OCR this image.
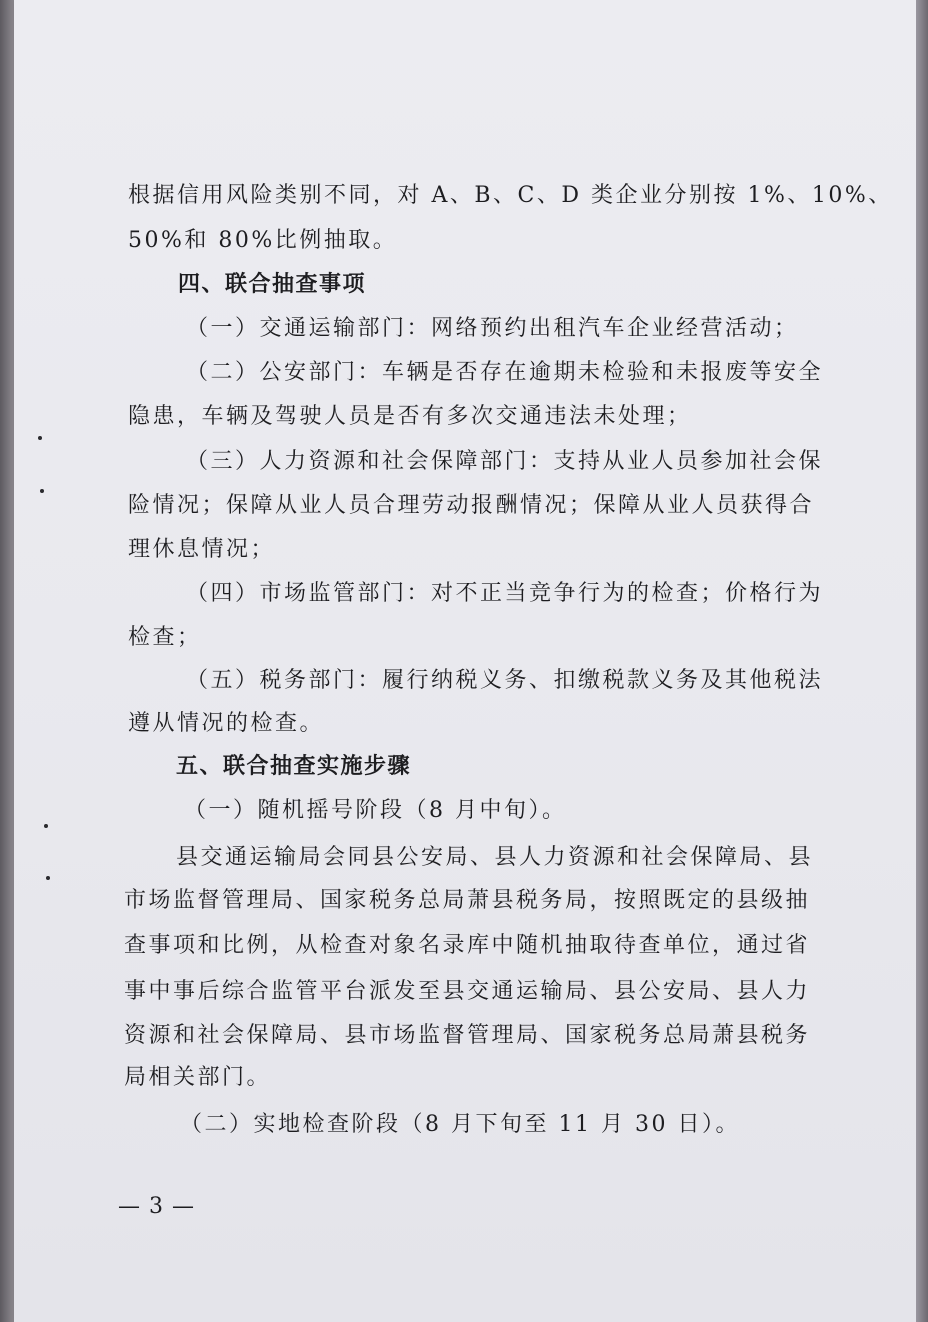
根据信用风险类别不同，对 A、B、C、D 类企业分别按 1%、10%、
50%和 80%比例抽取。
四、联合抽查事项
（一）交通运输部门：网络预约出租汽车企业经营活动；
（二）公安部门：车辆是否存在逾期未检验和未报废等安全
隐患，车辆及驾驶人员是否有多次交通违法未处理；
（三）人力资源和社会保障部门：支持从业人员参加社会保
险情况；保障从业人员合理劳动报酬情况；保障从业人员获得合
理休息情况；
（四）市场监管部门：对不正当竞争行为的检查；价格行为
检查；
（五）税务部门：履行纳税义务、扣缴税款义务及其他税法
遵从情况的检查。
五、联合抽查实施步骤
（一）随机摇号阶段（8 月中旬）。
县交通运输局会同县公安局、县人力资源和社会保障局、县
市场监督管理局、国家税务总局萧县税务局，按照既定的县级抽
查事项和比例，从检查对象名录库中随机抽取待查单位，通过省
事中事后综合监管平台派发至县交通运输局、县公安局、县人力
资源和社会保障局、县市场监督管理局、国家税务总局萧县税务
局相关部门。
（二）实地检查阶段（8 月下旬至 11 月 30 日）。
— 3 —
